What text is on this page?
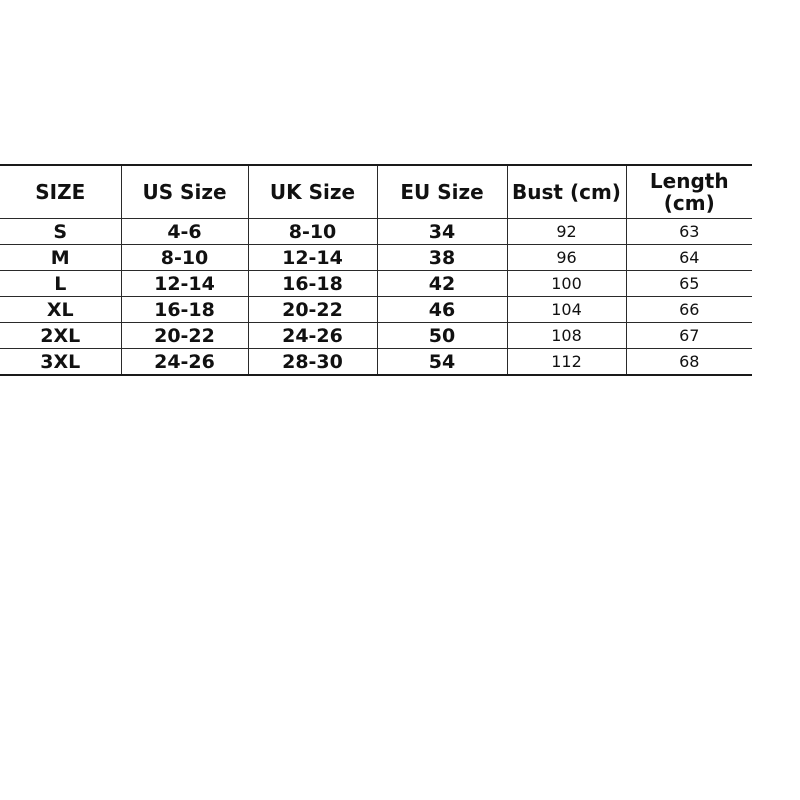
SIZE	US Size	UK Size	EU Size	Bust (cm)	Length (cm)
S	4-6	8-10	34	92	63
M	8-10	12-14	38	96	64
L	12-14	16-18	42	100	65
XL	16-18	20-22	46	104	66
2XL	20-22	24-26	50	108	67
3XL	24-26	28-30	54	112	68
